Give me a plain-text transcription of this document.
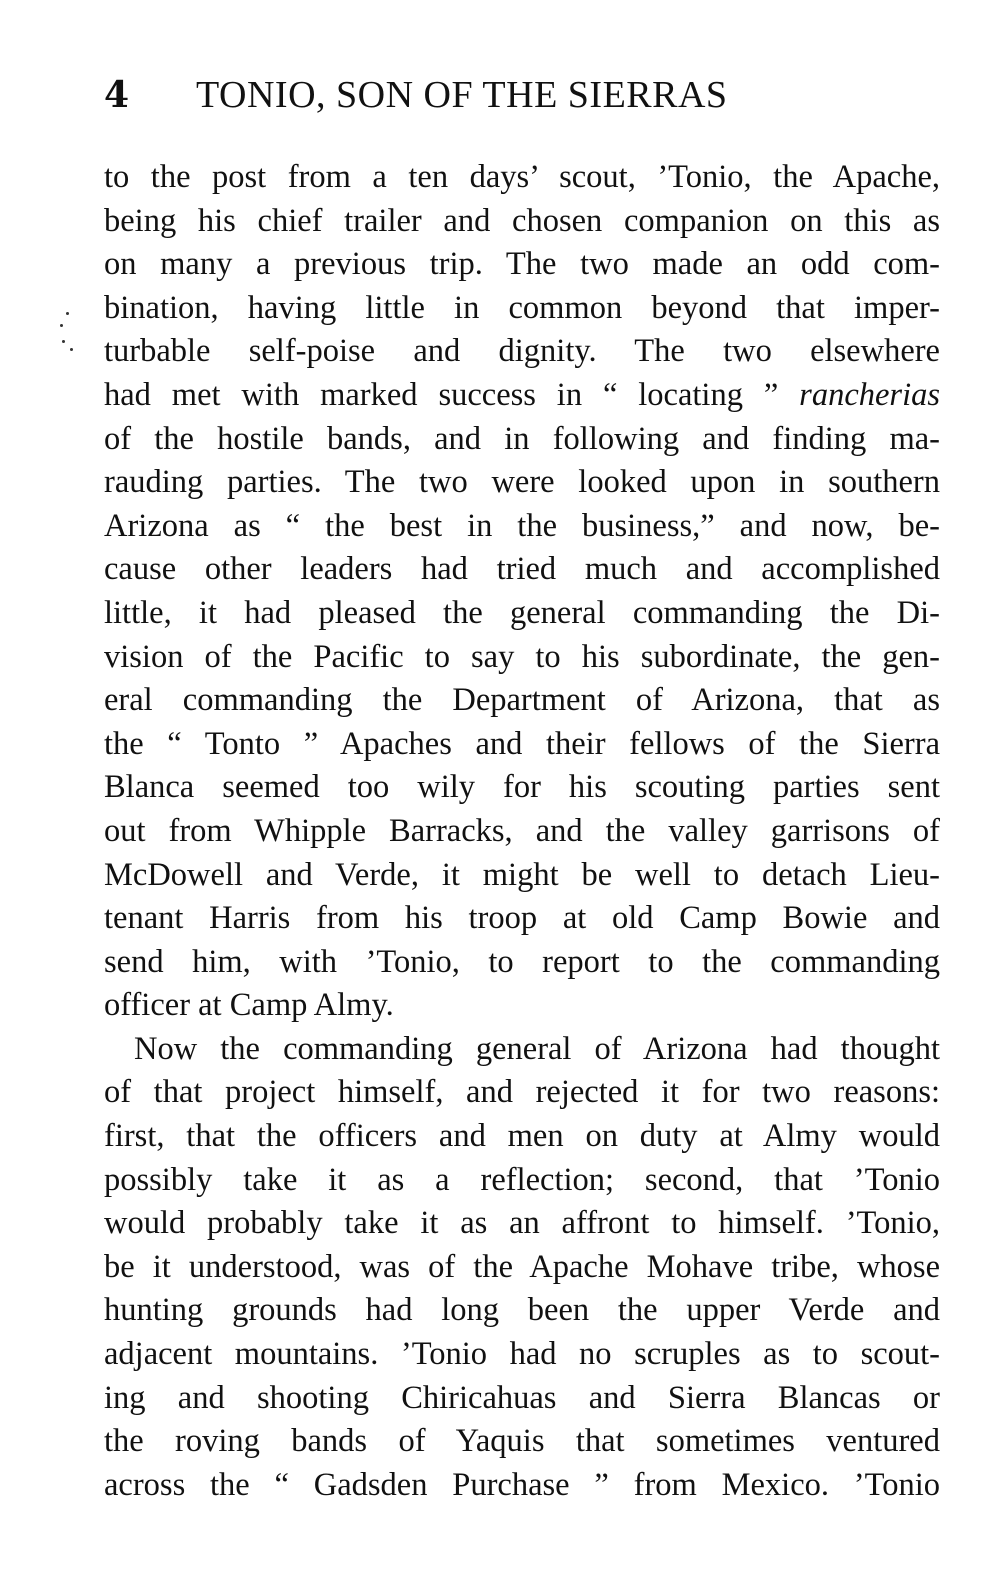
4 TONIO, SON OF THE SIERRAS
to the post from a ten days’ scout, ’Tonio, the Apache,
being his chief trailer and chosen companion on this as
on many a previous trip. The two made an odd com-
bination, having little in common beyond that imper-
turbable self-poise and dignity. The two elsewhere
had met with marked success in “ locating ” rancherias
of the hostile bands, and in following and finding ma-
rauding parties. The two were looked upon in southern
Arizona as “ the best in the business,” and now, be-
cause other leaders had tried much and accomplished
little, it had pleased the general commanding the Di-
vision of the Pacific to say to his subordinate, the gen-
eral commanding the Department of Arizona, that as
the “ Tonto ” Apaches and their fellows of the Sierra
Blanca seemed too wily for his scouting parties sent
out from Whipple Barracks, and the valley garrisons of
McDowell and Verde, it might be well to detach Lieu-
tenant Harris from his troop at old Camp Bowie and
send him, with ’Tonio, to report to the commanding
officer at Camp Almy.
Now the commanding general of Arizona had thought
of that project himself, and rejected it for two reasons:
first, that the officers and men on duty at Almy would
possibly take it as a reflection; second, that ’Tonio
would probably take it as an affront to himself. ’Tonio,
be it understood, was of the Apache Mohave tribe, whose
hunting grounds had long been the upper Verde and
adjacent mountains. ’Tonio had no scruples as to scout-
ing and shooting Chiricahuas and Sierra Blancas or
the roving bands of Yaquis that sometimes ventured
across the “ Gadsden Purchase ” from Mexico. ’Tonio
